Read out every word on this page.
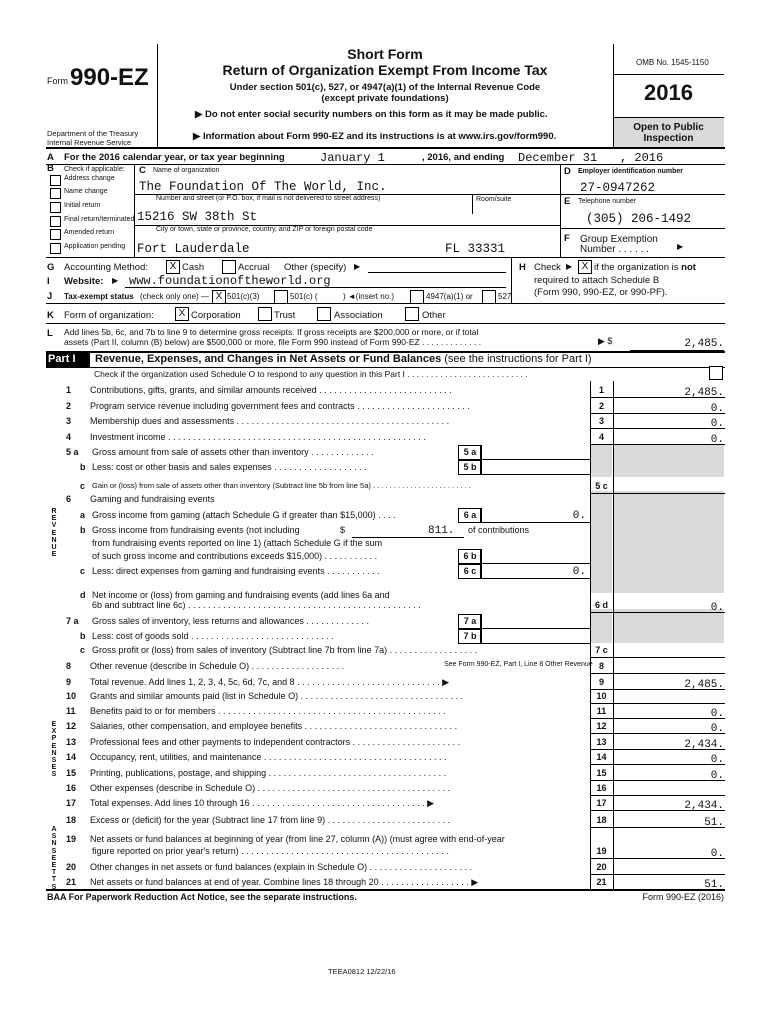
Form 990-EZ
Department of the Treasury
Internal Revenue Service
Short Form
Return of Organization Exempt From Income Tax
Under section 501(c), 527, or 4947(a)(1) of the Internal Revenue Code
(except private foundations)
▶ Do not enter social security numbers on this form as it may be made public.
▶ Information about Form 990-EZ and its instructions is at www.irs.gov/form990.
OMB No. 1545-1150
2016
Open to Public
Inspection
A For the 2016 calendar year, or tax year beginning	January 1	, 2016, and ending December 31 , 2016
B Check if applicable:
Address change
Name change
Initial return
Final return/terminated
Amended return
Application pending
C Name of organization
The Foundation Of The World, Inc.
Number and street (or P.O. box, if mail is not delivered to street address)	Room/suite
15216 SW 38th St
City or town, state or province, country, and ZIP or foreign postal code
Fort Lauderdale	FL 33331
D Employer identification number
27-0947262
E Telephone number
(305) 206-1492
F Group Exemption
Number . . . . . .	▶
G Accounting Method:	X Cash	Accrual Other (specify) ▶	H Check ▶ X if the organization is not
required to attach Schedule B
(Form 990, 990-EZ, or 990-PF).
I Website: ▶ www.foundationoftheworld.org
J Tax-exempt status (check only one) — X 501(c)(3)	501(c) (	) ◄(insert no.)	4947(a)(1) or	527
K Form of organization:	X Corporation	Trust	Association	Other
L Add lines 5b, 6c, and 7b to line 9 to determine gross receipts. If gross receipts are $200,000 or more, or if total
assets (Part II, column (B) below) are $500,000 or more, file Form 990 instead of Form 990-EZ . . . . . . . . . . . . .	▶ $	2,485.
Part I Revenue, Expenses, and Changes in Net Assets or Fund Balances (see the instructions for Part I)
Check if the organization used Schedule O to respond to any question in this Part I . . . . . . . . . . . . . . . . . . . . . . . . . .
R
E
V
E
N
U
E
E
X
P
E
N
S
E
S
A
S
N S
E E
T T
S
1 Contributions, gifts, grants, and similar amounts received . . . . . . . . . . . . . . . . . . . . . . . . . . .	1	2,485.
2 Program service revenue including government fees and contracts . . . . . . . . . . . . . . . . . . . . . . .	2	0.
3 Membership dues and assessments . . . . . . . . . . . . . . . . . . . . . . . . . . . . . . . . . . . . . . . . . . .	3	0.
4 Investment income . . . . . . . . . . . . . . . . . . . . . . . . . . . . . . . . . . . . . . . . . . . . . . . . . . . .	4	0.
5 a Gross amount from sale of assets other than inventory . . . . . . . . . . . . .	5 a
b Less: cost or other basis and sales expenses . . . . . . . . . . . . . . . . . . .	5 b
c Gain or (loss) from sale of assets other than inventory (Subtract line 5b from line 5a) . . . . . . . . . . . . . . . . . . . . . . . .	5 c
6 Gaming and fundraising events
a Gross income from gaming (attach Schedule G if greater than $15,000) . . . .	6 a	0.
b Gross income from fundraising events (not including	$	811. of contributions
from fundraising events reported on line 1) (attach Schedule G if the sum
of such gross income and contributions exceeds $15,000) . . . . . . . . . . .	6 b
c Less: direct expenses from gaming and fundraising events . . . . . . . . . . .	6 c	0.
d Net income or (loss) from gaming and fundraising events (add lines 6a and
6b and subtract line 6c) . . . . . . . . . . . . . . . . . . . . . . . . . . . . . . . . . . . . . . . . . . . . . . .	6 d	0.
7 a Gross sales of inventory, less returns and allowances . . . . . . . . . . . . .	7 a
b Less: cost of goods sold . . . . . . . . . . . . . . . . . . . . . . . . . . . . .	7 b
c Gross profit or (loss) from sales of inventory (Subtract line 7b from line 7a) . . . . . . . . . . . . . . . . . .	7 c
8 Other revenue (describe in Schedule O) . . . . . . . . . . . . . . . . . . .	See Form 990-EZ, Part I, Line 8 Other Revenue 8
9 Total revenue. Add lines 1, 2, 3, 4, 5c, 6d, 7c, and 8 . . . . . . . . . . . . . . . . . . . . . . . . . . . . . ▶	9	2,485.
10 Grants and similar amounts paid (list in Schedule O) . . . . . . . . . . . . . . . . . . . . . . . . . . . . . . . . .	10
11 Benefits paid to or for members . . . . . . . . . . . . . . . . . . . . . . . . . . . . . . . . . . . . . . . . . . . . . .	11	0.
12 Salaries, other compensation, and employee benefits . . . . . . . . . . . . . . . . . . . . . . . . . . . . . . .	12	0.
13 Professional fees and other payments to independent contractors . . . . . . . . . . . . . . . . . . . . . .	13	2,434.
14 Occupancy, rent, utilities, and maintenance . . . . . . . . . . . . . . . . . . . . . . . . . . . . . . . . . . . . .	14	0.
15 Printing, publications, postage, and shipping . . . . . . . . . . . . . . . . . . . . . . . . . . . . . . . . . . . .	15	0.
16 Other expenses (describe in Schedule O) . . . . . . . . . . . . . . . . . . . . . . . . . . . . . . . . . . . . . . .	16
17 Total expenses. Add lines 10 through 16 . . . . . . . . . . . . . . . . . . . . . . . . . . . . . . . . . . . ▶	17	2,434.
18 Excess or (deficit) for the year (Subtract line 17 from line 9) . . . . . . . . . . . . . . . . . . . . . . . . .	18	51.
19 Net assets or fund balances at beginning of year (from line 27, column (A)) (must agree with end-of-year
figure reported on prior year's return) . . . . . . . . . . . . . . . . . . . . . . . . . . . . . . . . . . . . . . . . . .	19	0.
20 Other changes in net assets or fund balances (explain in Schedule O) . . . . . . . . . . . . . . . . . . . . .	20
21 Net assets or fund balances at end of year. Combine lines 18 through 20 . . . . . . . . . . . . . . . . . . ▶	21	51.
BAA For Paperwork Reduction Act Notice, see the separate instructions.	Form 990-EZ (2016)
TEEA0812 12/22/16
